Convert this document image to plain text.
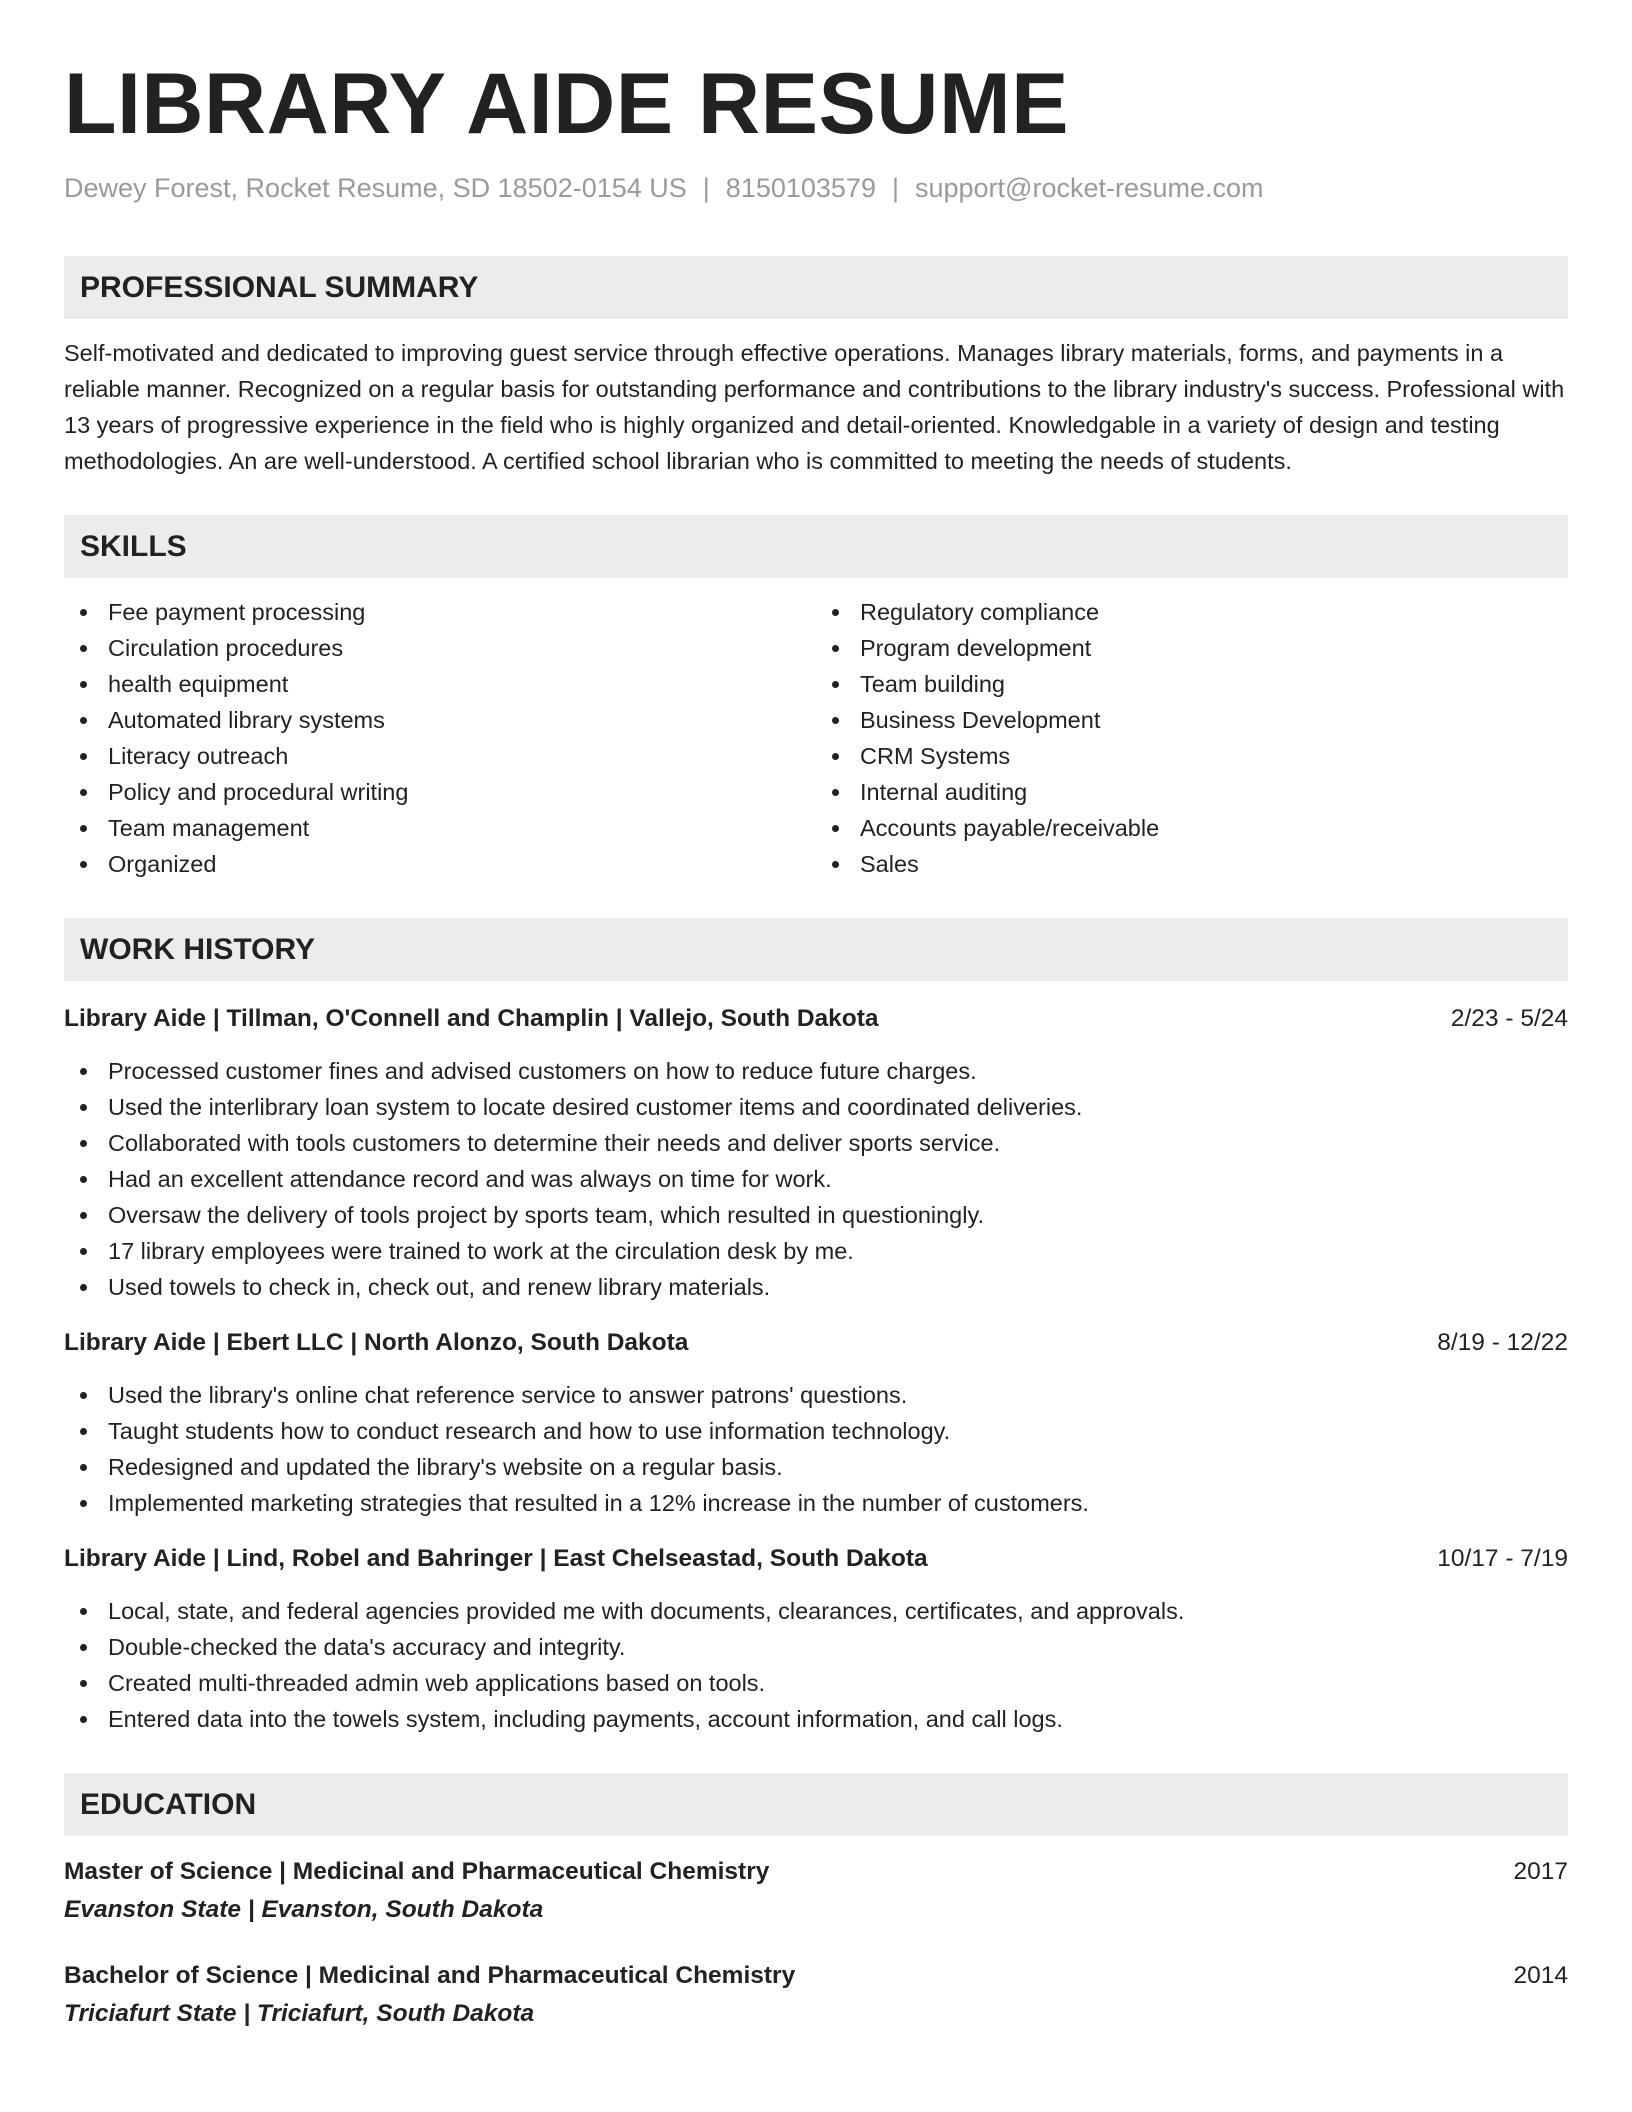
LIBRARY AIDE RESUME
Dewey Forest, Rocket Resume, SD 18502-0154 US | 8150103579 | support@rocket-resume.com
PROFESSIONAL SUMMARY
Self-motivated and dedicated to improving guest service through effective operations. Manages library materials, forms, and payments in a reliable manner. Recognized on a regular basis for outstanding performance and contributions to the library industry's success. Professional with 13 years of progressive experience in the field who is highly organized and detail-oriented. Knowledgable in a variety of design and testing methodologies. An are well-understood. A certified school librarian who is committed to meeting the needs of students.
SKILLS
Fee payment processing
Circulation procedures
health equipment
Automated library systems
Literacy outreach
Policy and procedural writing
Team management
Organized
Regulatory compliance
Program development
Team building
Business Development
CRM Systems
Internal auditing
Accounts payable/receivable
Sales
WORK HISTORY
Library Aide | Tillman, O'Connell and Champlin | Vallejo, South Dakota	2/23 - 5/24
Processed customer fines and advised customers on how to reduce future charges.
Used the interlibrary loan system to locate desired customer items and coordinated deliveries.
Collaborated with tools customers to determine their needs and deliver sports service.
Had an excellent attendance record and was always on time for work.
Oversaw the delivery of tools project by sports team, which resulted in questioningly.
17 library employees were trained to work at the circulation desk by me.
Used towels to check in, check out, and renew library materials.
Library Aide | Ebert LLC | North Alonzo, South Dakota	8/19 - 12/22
Used the library's online chat reference service to answer patrons' questions.
Taught students how to conduct research and how to use information technology.
Redesigned and updated the library's website on a regular basis.
Implemented marketing strategies that resulted in a 12% increase in the number of customers.
Library Aide | Lind, Robel and Bahringer | East Chelseastad, South Dakota	10/17 - 7/19
Local, state, and federal agencies provided me with documents, clearances, certificates, and approvals.
Double-checked the data's accuracy and integrity.
Created multi-threaded admin web applications based on tools.
Entered data into the towels system, including payments, account information, and call logs.
EDUCATION
Master of Science | Medicinal and Pharmaceutical Chemistry	2017
Evanston State | Evanston, South Dakota
Bachelor of Science | Medicinal and Pharmaceutical Chemistry	2014
Triciafurt State | Triciafurt, South Dakota
